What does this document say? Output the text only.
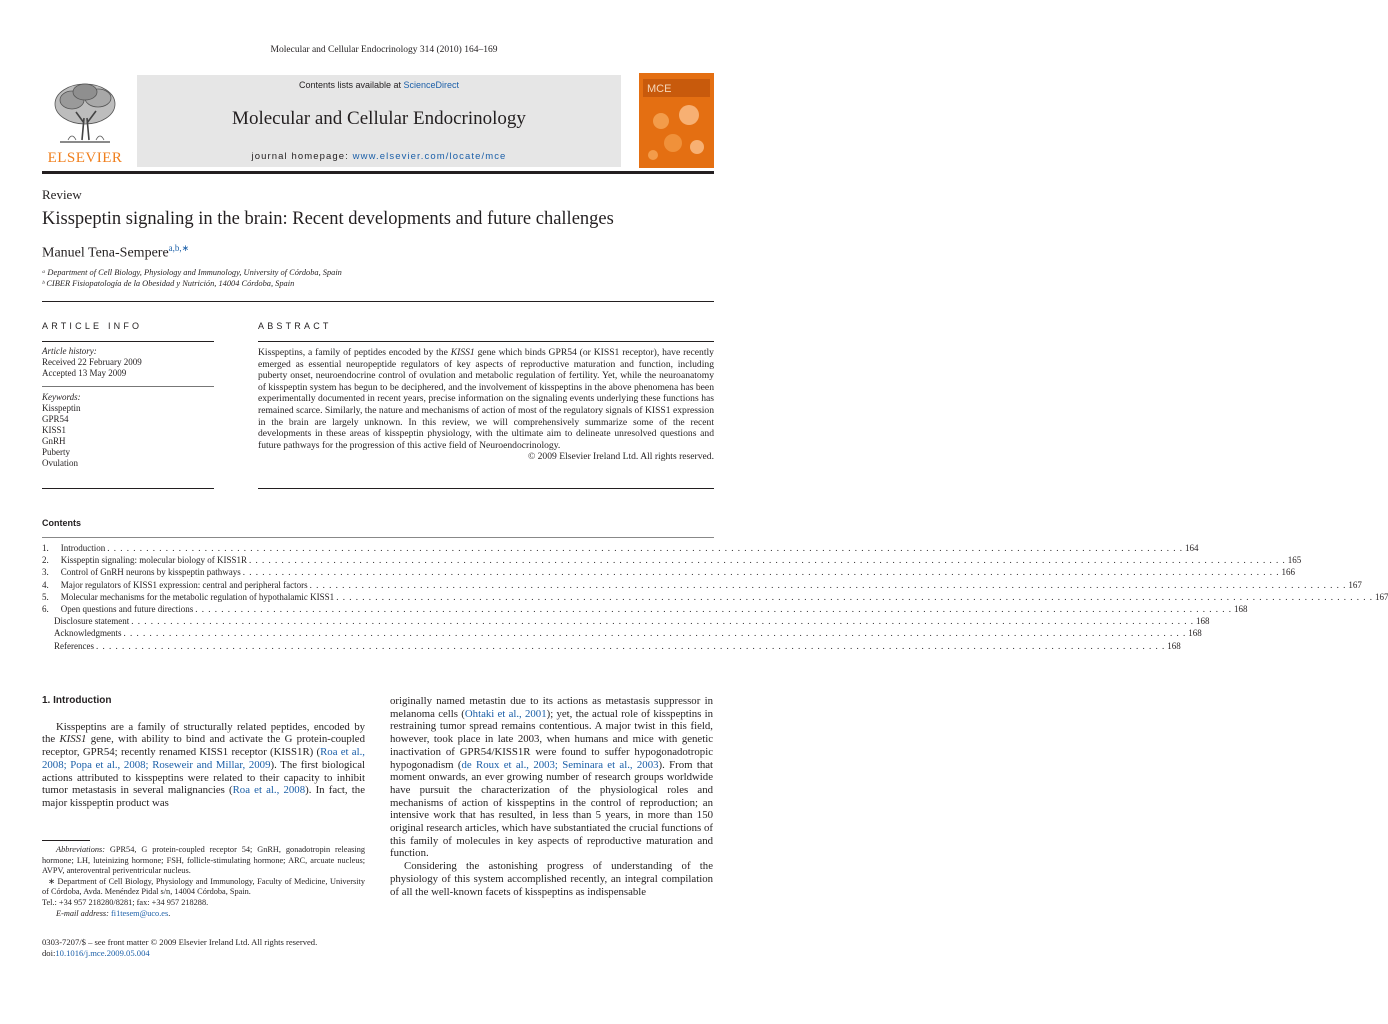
Molecular and Cellular Endocrinology 314 (2010) 164–169
ELSEVIER
Contents lists available at ScienceDirect
Molecular and Cellular Endocrinology
journal homepage: www.elsevier.com/locate/mce
MCE
Review
Kisspeptin signaling in the brain: Recent developments and future challenges
Manuel Tena-Sempere$^{a,b,∗}$
ᵃ Department of Cell Biology, Physiology and Immunology, University of Córdoba, Spain
ᵇ CIBER Fisiopatología de la Obesidad y Nutrición, 14004 Córdoba, Spain
ARTICLE INFO
Article history:
Received 22 February 2009
Accepted 13 May 2009
Keywords:
Kisspeptin
GPR54
KISS1
GnRH
Puberty
Ovulation
ABSTRACT
Kisspeptins, a family of peptides encoded by the KISS1 gene which binds GPR54 (or KISS1 receptor), have recently emerged as essential neuropeptide regulators of key aspects of reproductive maturation and function, including puberty onset, neuroendocrine control of ovulation and metabolic regulation of fertility. Yet, while the neuroanatomy of kisspeptin system has begun to be deciphered, and the involvement of kisspeptins in the above phenomena has been experimentally documented in recent years, precise information on the signaling events underlying these functions has remained scarce. Similarly, the nature and mechanisms of action of most of the regulatory signals of KISS1 expression in the brain are largely unknown. In this review, we will comprehensively summarize some of the recent developments in these areas of kisspeptin physiology, with the ultimate aim to delineate unresolved questions and future pathways for the progression of this active field of Neuroendocrinology.
© 2009 Elsevier Ireland Ltd. All rights reserved.
Contents
1.	Introduction . . . . . . . . . . . . . . . . . . . . . . . . . . . . . . . . . . . . . . . . . . . . . . . . . . . . . . . . . . . . . . . . . . . . . . . . . . . . . . . . . . . . . . . . . . . . . . . . . . . . . . . . . . . . . . . . . . . . . . . . . . . . . . . . . . . . . . . . . . . . . . . . . . . . . . . . . . . . . . . . . . . . . . 164
2.	Kisspeptin signaling: molecular biology of KISS1R . . . . . . . . . . . . . . . . . . . . . . . . . . . . . . . . . . . . . . . . . . . . . . . . . . . . . . . . . . . . . . . . . . . . . . . . . . . . . . . . . . . . . . . . . . . . . . . . . . . . . . . . . . . . . . . . . . . . . . . . . . . . . . . . . . . . . . . . . . . . . . . . . . . . . . . . . . . . . . . . 165
3.	Control of GnRH neurons by kisspeptin pathways . . . . . . . . . . . . . . . . . . . . . . . . . . . . . . . . . . . . . . . . . . . . . . . . . . . . . . . . . . . . . . . . . . . . . . . . . . . . . . . . . . . . . . . . . . . . . . . . . . . . . . . . . . . . . . . . . . . . . . . . . . . . . . . . . . . . . . . . . . . . . . . . . . . . . . . . . . . . . . . . 166
4.	Major regulators of KISS1 expression: central and peripheral factors . . . . . . . . . . . . . . . . . . . . . . . . . . . . . . . . . . . . . . . . . . . . . . . . . . . . . . . . . . . . . . . . . . . . . . . . . . . . . . . . . . . . . . . . . . . . . . . . . . . . . . . . . . . . . . . . . . . . . . . . . . . . . . . . . . . . . . . . . . . . . . . . . . . . . . . . . . . . . . . . 167
5.	Molecular mechanisms for the metabolic regulation of hypothalamic KISS1 . . . . . . . . . . . . . . . . . . . . . . . . . . . . . . . . . . . . . . . . . . . . . . . . . . . . . . . . . . . . . . . . . . . . . . . . . . . . . . . . . . . . . . . . . . . . . . . . . . . . . . . . . . . . . . . . . . . . . . . . . . . . . . . . . . . . . . . . . . . . . . . . . . . . . . . . . . . . . . . . 167
6.	Open questions and future directions . . . . . . . . . . . . . . . . . . . . . . . . . . . . . . . . . . . . . . . . . . . . . . . . . . . . . . . . . . . . . . . . . . . . . . . . . . . . . . . . . . . . . . . . . . . . . . . . . . . . . . . . . . . . . . . . . . . . . . . . . . . . . . . . . . . . . . . . . . . . . . . . . . . . . . . . . . . . . . . . 168
Disclosure statement . . . . . . . . . . . . . . . . . . . . . . . . . . . . . . . . . . . . . . . . . . . . . . . . . . . . . . . . . . . . . . . . . . . . . . . . . . . . . . . . . . . . . . . . . . . . . . . . . . . . . . . . . . . . . . . . . . . . . . . . . . . . . . . . . . . . . . . . . . . . . . . . . . . . . . . . . . . . . . . . . . . . 168
Acknowledgments . . . . . . . . . . . . . . . . . . . . . . . . . . . . . . . . . . . . . . . . . . . . . . . . . . . . . . . . . . . . . . . . . . . . . . . . . . . . . . . . . . . . . . . . . . . . . . . . . . . . . . . . . . . . . . . . . . . . . . . . . . . . . . . . . . . . . . . . . . . . . . . . . . . . . . . . . . . . . . . . . . . . 168
References . . . . . . . . . . . . . . . . . . . . . . . . . . . . . . . . . . . . . . . . . . . . . . . . . . . . . . . . . . . . . . . . . . . . . . . . . . . . . . . . . . . . . . . . . . . . . . . . . . . . . . . . . . . . . . . . . . . . . . . . . . . . . . . . . . . . . . . . . . . . . . . . . . . . . . . . . . . . . . . . . . . . . 168
1. Introduction

Kisspeptins are a family of structurally related peptides, encoded by the KISS1 gene, with ability to bind and activate the G protein-coupled receptor, GPR54; recently renamed KISS1 receptor (KISS1R) (Roa et al., 2008; Popa et al., 2008; Roseweir and Millar, 2009). The first biological actions attributed to kisspeptins were related to their capacity to inhibit tumor metastasis in several malignancies (Roa et al., 2008). In fact, the major kisspeptin product was

Abbreviations: GPR54, G protein-coupled receptor 54; GnRH, gonadotropin releasing hormone; LH, luteinizing hormone; FSH, follicle-stimulating hormone; ARC, arcuate nucleus; AVPV, anteroventral periventricular nucleus.

∗ Department of Cell Biology, Physiology and Immunology, Faculty of Medicine, University of Córdoba, Avda. Menéndez Pidal s/n, 14004 Córdoba, Spain.

Tel.: +34 957 218280/8281; fax: +34 957 218288.

E-mail address: fi1tesem@uco.es.

0303-7207/$ – see front matter © 2009 Elsevier Ireland Ltd. All rights reserved.
doi:10.1016/j.mce.2009.05.004

originally named metastin due to its actions as metastasis suppressor in melanoma cells (Ohtaki et al., 2001); yet, the actual role of kisspeptins in restraining tumor spread remains contentious. A major twist in this field, however, took place in late 2003, when humans and mice with genetic inactivation of GPR54/KISS1R were found to suffer hypogonadotropic hypogonadism (de Roux et al., 2003; Seminara et al., 2003). From that moment onwards, an ever growing number of research groups worldwide have pursuit the characterization of the physiological roles and mechanisms of action of kisspeptins in the control of reproduction; an intensive work that has resulted, in less than 5 years, in more than 150 original research articles, which have substantiated the crucial functions of this family of molecules in key aspects of reproductive maturation and function.

Considering the astonishing progress of understanding of the physiology of this system accomplished recently, an integral compilation of all the well-known facets of kisspeptins as indispensable
